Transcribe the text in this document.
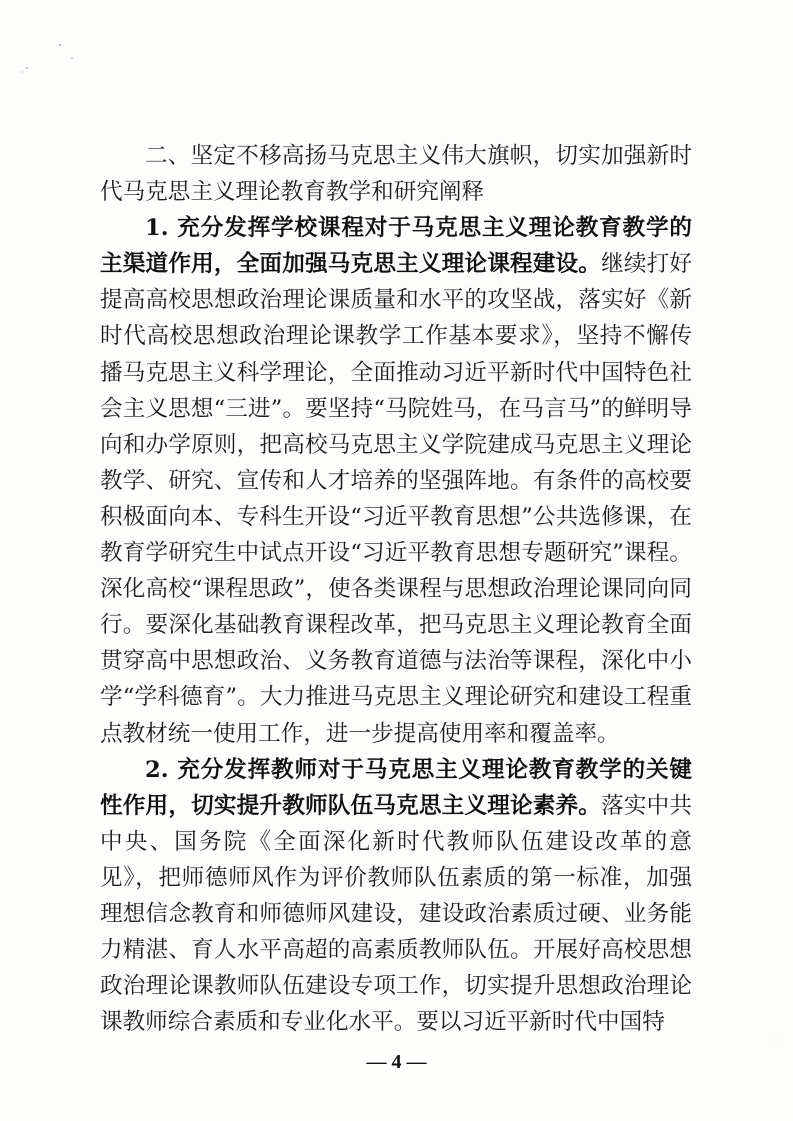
二、坚定不移高扬马克思主义伟大旗帜，切实加强新时代马克思主义理论教育教学和研究阐释

1. 充分发挥学校课程对于马克思主义理论教育教学的主渠道作用，全面加强马克思主义理论课程建设。继续打好提高高校思想政治理论课质量和水平的攻坚战，落实好《新时代高校思想政治理论课教学工作基本要求》，坚持不懈传播马克思主义科学理论，全面推动习近平新时代中国特色社会主义思想“三进”。要坚持“马院姓马，在马言马”的鲜明导向和办学原则，把高校马克思主义学院建成马克思主义理论教学、研究、宣传和人才培养的坚强阵地。有条件的高校要积极面向本、专科生开设“习近平教育思想”公共选修课，在教育学研究生中试点开设“习近平教育思想专题研究”课程。深化高校“课程思政”，使各类课程与思想政治理论课同向同行。要深化基础教育课程改革，把马克思主义理论教育全面贯穿高中思想政治、义务教育道德与法治等课程，深化中小学“学科德育”。大力推进马克思主义理论研究和建设工程重点教材统一使用工作，进一步提高使用率和覆盖率。

2. 充分发挥教师对于马克思主义理论教育教学的关键性作用，切实提升教师队伍马克思主义理论素养。落实中共中央、国务院《全面深化新时代教师队伍建设改革的意见》，把师德师风作为评价教师队伍素质的第一标准，加强理想信念教育和师德师风建设，建设政治素质过硬、业务能力精湛、育人水平高超的高素质教师队伍。开展好高校思想政治理论课教师队伍建设专项工作，切实提升思想政治理论课教师综合素质和专业化水平。要以习近平新时代中国特

— 4 —
